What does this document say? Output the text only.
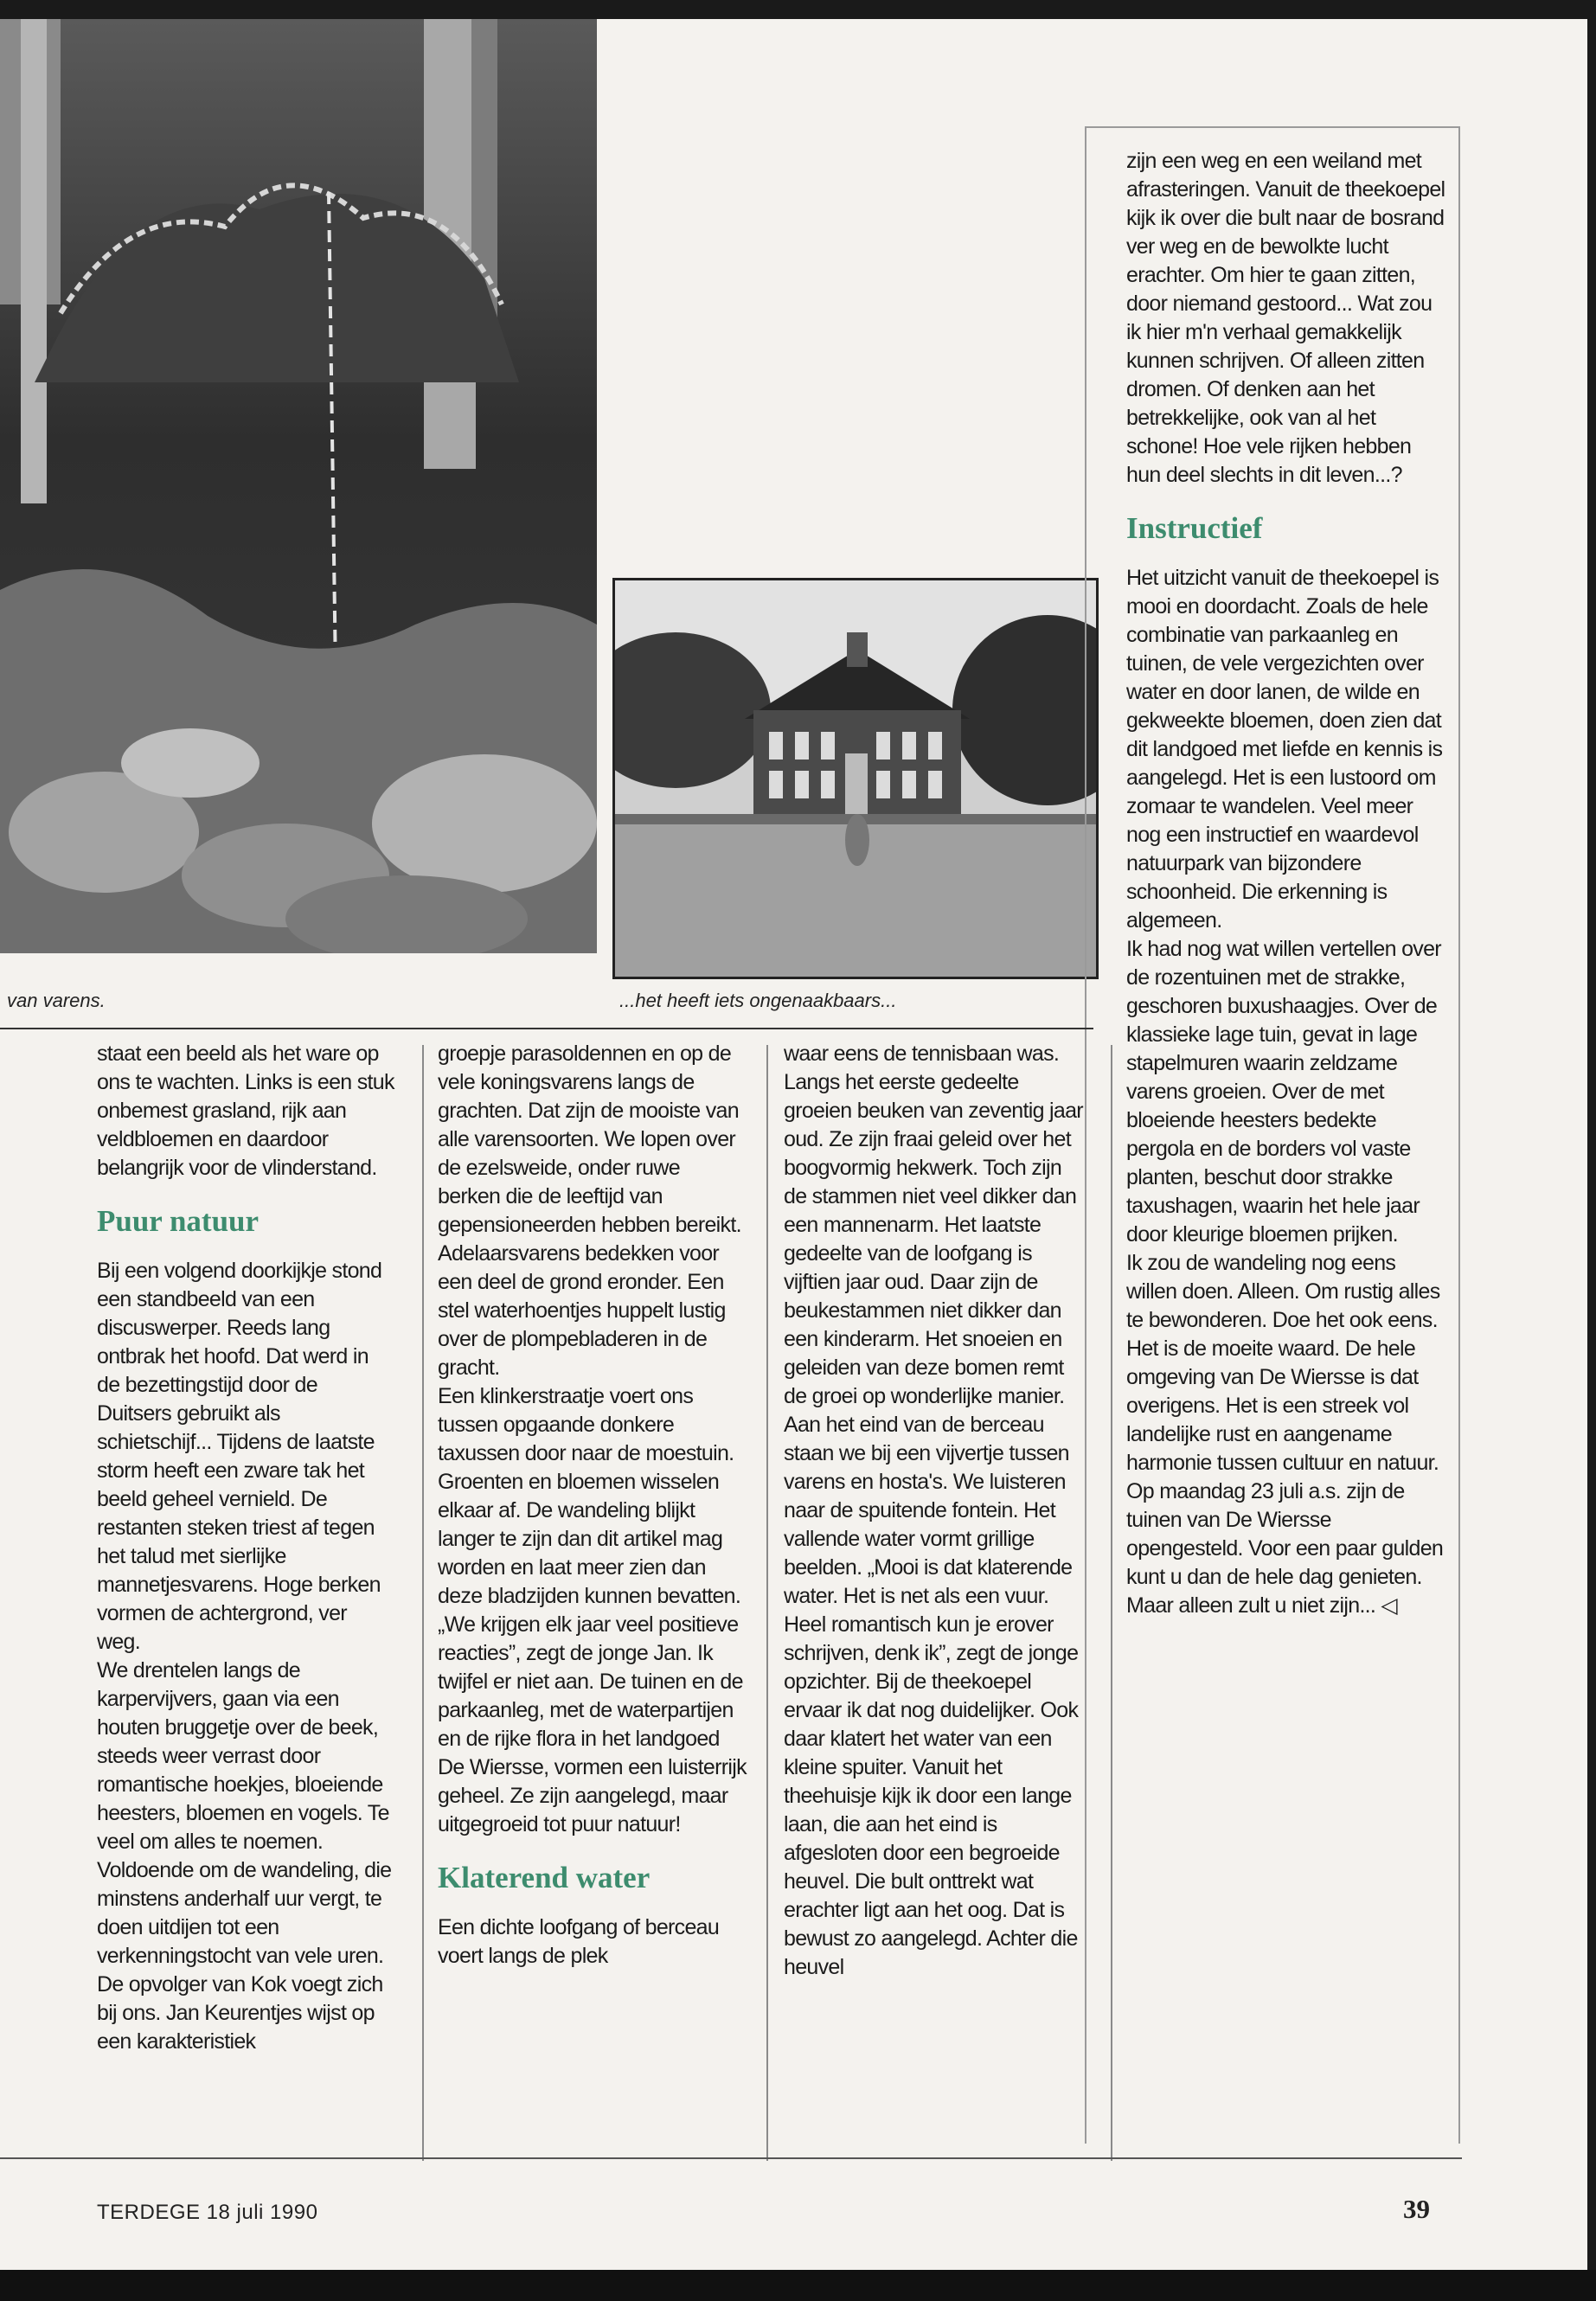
van varens.	...het heeft iets ongenaakbaars...

staat een beeld als het ware op ons te wachten. Links is een stuk onbemest grasland, rijk aan veldbloemen en daardoor belangrijk voor de vlinderstand.

Puur natuur

Bij een volgend doorkijkje stond een standbeeld van een discuswerper. Reeds lang ontbrak het hoofd. Dat werd in de bezettingstijd door de Duitsers gebruikt als schietschijf... Tijdens de laatste storm heeft een zware tak het beeld geheel vernield. De restanten steken triest af tegen het talud met sierlijke mannetjesvarens. Hoge berken vormen de achtergrond, ver weg.

We drentelen langs de karpervijvers, gaan via een houten bruggetje over de beek, steeds weer verrast door romantische hoekjes, bloeiende heesters, bloemen en vogels. Te veel om alles te noemen. Voldoende om de wandeling, die minstens anderhalf uur vergt, te doen uitdijen tot een verkenningstocht van vele uren.

De opvolger van Kok voegt zich bij ons. Jan Keurentjes wijst op een karakteristiek

groepje parasoldennen en op de vele koningsvarens langs de grachten. Dat zijn de mooiste van alle varensoorten. We lopen over de ezelsweide, onder ruwe berken die de leeftijd van gepensioneerden hebben bereikt. Adelaarsvarens bedekken voor een deel de grond eronder. Een stel waterhoentjes huppelt lustig over de plompebladeren in de gracht.

Een klinkerstraatje voert ons tussen opgaande donkere taxussen door naar de moestuin. Groenten en bloemen wisselen elkaar af. De wandeling blijkt langer te zijn dan dit artikel mag worden en laat meer zien dan deze bladzijden kunnen bevatten. „We krijgen elk jaar veel positieve reacties”, zegt de jonge Jan. Ik twijfel er niet aan. De tuinen en de parkaanleg, met de waterpartijen en de rijke flora in het landgoed De Wiersse, vormen een luisterrijk geheel. Ze zijn aangelegd, maar uitgegroeid tot puur natuur!

Klaterend water

Een dichte loofgang of berceau voert langs de plek

waar eens de tennisbaan was. Langs het eerste gedeelte groeien beuken van zeventig jaar oud. Ze zijn fraai geleid over het boogvormig hekwerk. Toch zijn de stammen niet veel dikker dan een mannenarm. Het laatste gedeelte van de loofgang is vijftien jaar oud. Daar zijn de beukestammen niet dikker dan een kinderarm. Het snoeien en geleiden van deze bomen remt de groei op wonderlijke manier.

Aan het eind van de berceau staan we bij een vijvertje tussen varens en hosta's. We luisteren naar de spuitende fontein. Het vallende water vormt grillige beelden. „Mooi is dat klaterende water. Het is net als een vuur. Heel romantisch kun je erover schrijven, denk ik”, zegt de jonge opzichter. Bij de theekoepel ervaar ik dat nog duidelijker. Ook daar klatert het water van een kleine spuiter. Vanuit het theehuisje kijk ik door een lange laan, die aan het eind is afgesloten door een begroeide heuvel. Die bult onttrekt wat erachter ligt aan het oog. Dat is bewust zo aangelegd. Achter die heuvel

zijn een weg en een weiland met afrasteringen. Vanuit de theekoepel kijk ik over die bult naar de bosrand ver weg en de bewolkte lucht erachter. Om hier te gaan zitten, door niemand gestoord... Wat zou ik hier m'n verhaal gemakkelijk kunnen schrijven. Of alleen zitten dromen. Of denken aan het betrekkelijke, ook van al het schone! Hoe vele rijken hebben hun deel slechts in dit leven...?

Instructief

Het uitzicht vanuit de theekoepel is mooi en doordacht. Zoals de hele combinatie van parkaanleg en tuinen, de vele vergezichten over water en door lanen, de wilde en gekweekte bloemen, doen zien dat dit landgoed met liefde en kennis is aangelegd. Het is een lustoord om zomaar te wandelen. Veel meer nog een instructief en waardevol natuurpark van bijzondere schoonheid. Die erkenning is algemeen.

Ik had nog wat willen vertellen over de rozentuinen met de strakke, geschoren buxushaagjes. Over de klassieke lage tuin, gevat in lage stapelmuren waarin zeldzame varens groeien. Over de met bloeiende heesters bedekte pergola en de borders vol vaste planten, beschut door strakke taxushagen, waarin het hele jaar door kleurige bloemen prijken.

Ik zou de wandeling nog eens willen doen. Alleen. Om rustig alles te bewonderen. Doe het ook eens. Het is de moeite waard. De hele omgeving van De Wiersse is dat overigens. Het is een streek vol landelijke rust en aangename harmonie tussen cultuur en natuur. Op maandag 23 juli a.s. zijn de tuinen van De Wiersse opengesteld. Voor een paar gulden kunt u dan de hele dag genieten. Maar alleen zult u niet zijn... ◁

TERDEGE 18 juli 1990	39
